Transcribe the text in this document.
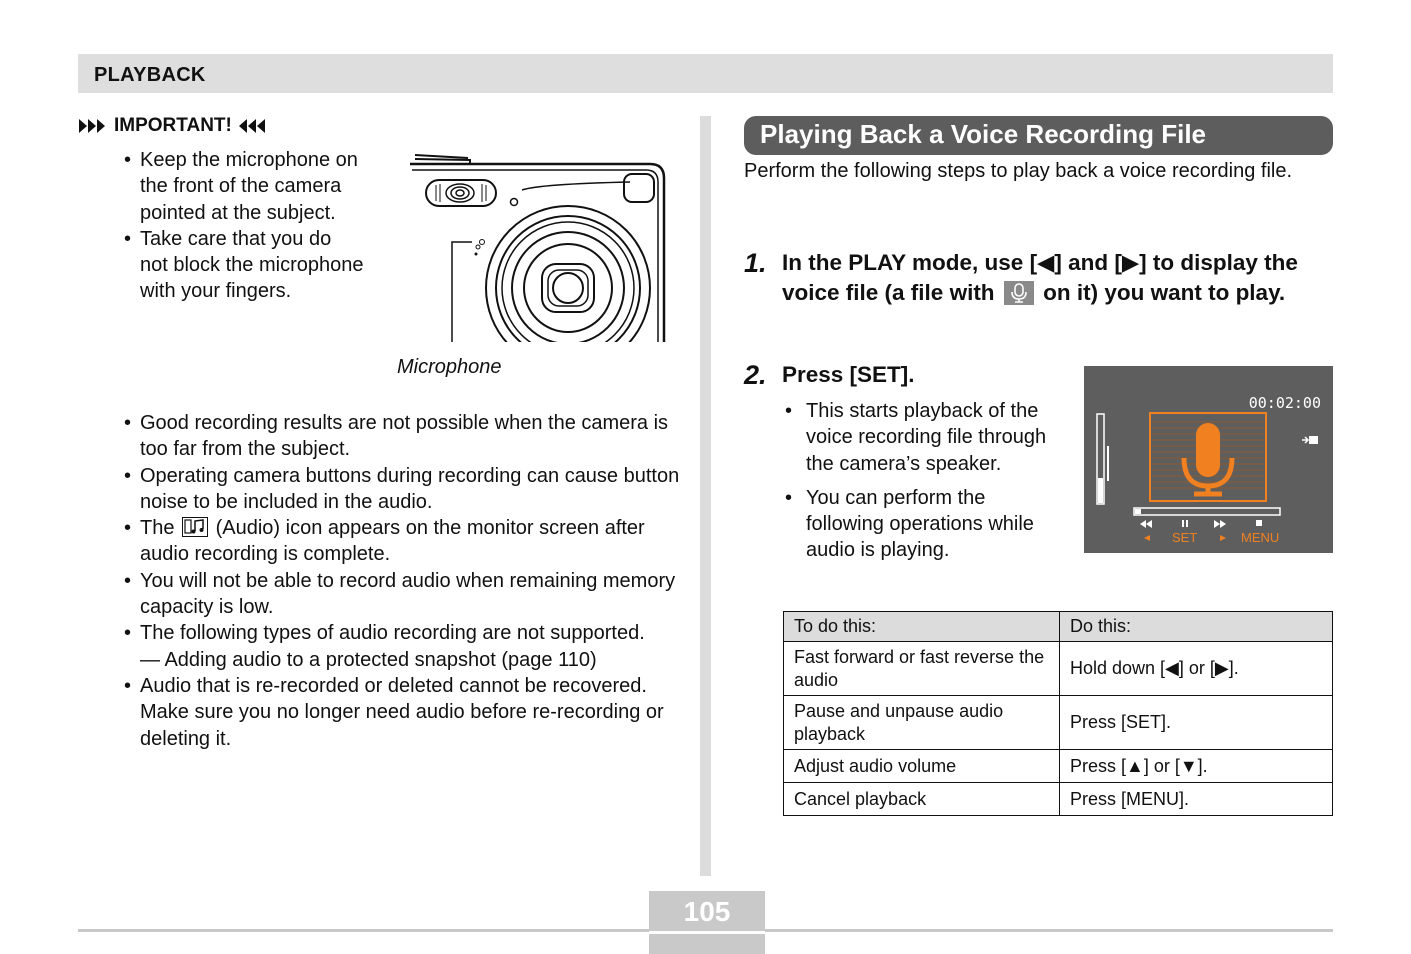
PLAYBACK
IMPORTANT!
• Keep the microphone on the front of the camera pointed at the subject.
• Take care that you do not block the microphone with your fingers.
Microphone
• Good recording results are not possible when the camera is too far from the subject.
• Operating camera buttons during recording can cause button noise to be included in the audio.
• The (Audio) icon appears on the monitor screen after audio recording is complete.
• You will not be able to record audio when remaining memory capacity is low.
• The following types of audio recording are not supported.
— Adding audio to a protected snapshot (page 110)
• Audio that is re-recorded or deleted cannot be recovered. Make sure you no longer need audio before re-recording or deleting it.
Playing Back a Voice Recording File
Perform the following steps to play back a voice recording file.
1. In the PLAY mode, use [◀] and [▶] to display the voice file (a file with on it) you want to play.
2. Press [SET].
• This starts playback of the voice recording file through the camera’s speaker.
• You can perform the following operations while audio is playing.
00:02:00
SET	MENU
To do this:	Do this:
Fast forward or fast reverse the audio	Hold down [◀] or [▶].
Pause and unpause audio playback	Press [SET].
Adjust audio volume	Press [▲] or [▼].
Cancel playback	Press [MENU].
105
